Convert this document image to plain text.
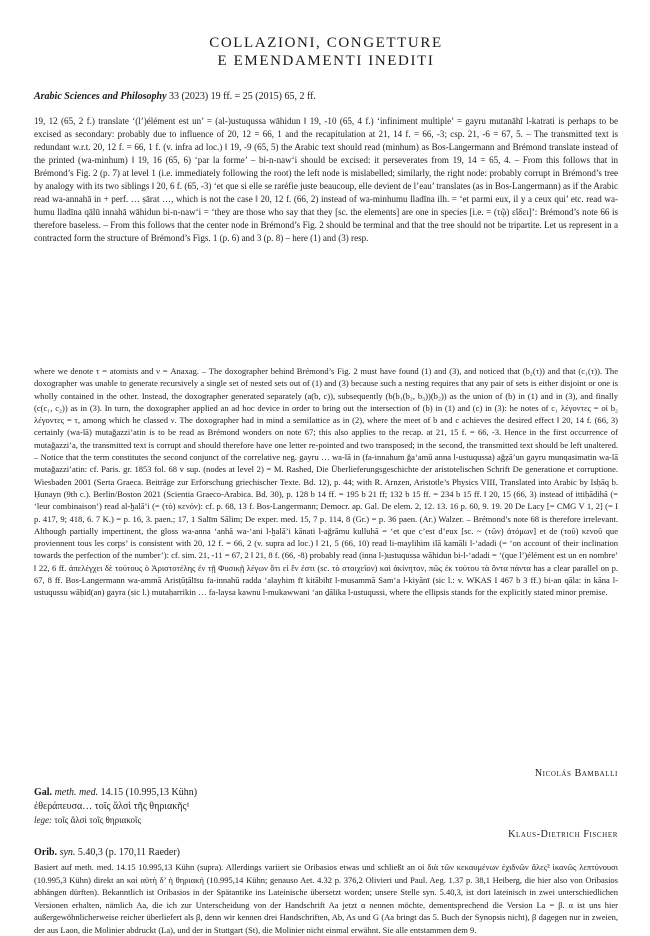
COLLAZIONI, CONGETTURE
E EMENDAMENTI INEDITI
Arabic Sciences and Philosophy 33 (2023) 19 ff. = 25 (2015) 65, 2 ff.
19, 12 (65, 2 f.) translate ‘(l’)élément est un’ = (al-)ustuqussa wāhidun ‖ 19, -10 (65, 4 f.) ‘infiniment multiple’ = gayru mutanāhī l-katrati is perhaps to be excised as secondary: probably due to influence of 20, 12 = 66, 1 and the recapitulation at 21, 14 f. = 66, -3; csp. 21, -6 = 67, 5. – The transmitted text is redundant w.r.t. 20, 12 f. = 66, 1 f. (v. infra ad loc.) ‖ 19, -9 (65, 5) the Arabic text should read (minhum) as Bos-Langermann and Brémond translate instead of the printed (wa-minhum) ‖ 19, 16 (65, 6) ‘par la forme’ – bi-n-naw‘i should be excised: it perseverates from 19, 14 = 65, 4. – From this follows that in Brémond’s Fig. 2 (p. 7) at level 1 (i.e. immediately following the root) the left node is mislabelled; similarly, the right node: probably corrupt in Brémond’s tree by analogy with its two siblings ‖ 20, 6 f. (65, -3) ‘et que si elle se raréfie juste beaucoup, elle devient de l’eau’ translates (as in Bos-Langermann) as if the Arabic read wa-annahā in + perf. … ṣārat …, which is not the case ‖ 20, 12 f. (66, 2) instead of wa-minhumu lladīna ilh. = ‘et parmi eux, il y a ceux qui’ etc. read wa-humu lladīna qālū innahā wāhidun bi-n-naw‘i = ‘they are those who say that they [sc. the elements] are one in species [i.e. = (τῷ) εἴδει]’: Brémond’s note 66 is therefore baseless. – From this follows that the center node in Brémond’s Fig. 2 should be terminal and that the tree should not be tripartite. Let us represent in a contracted form the structure of Brémond’s Figs. 1 (p. 6) and 3 (p. 8) – here (1) and (3) resp.
where we denote τ = atomists and ν = Anaxag. – The doxographer behind Brémond’s Fig. 2 must have found (1) and (3), and noticed that (b₂(τ)) and that (c₁(τ)). The doxographer was unable to generate recursively a single set of nested sets out of (1) and (3) because such a nesting requires that any pair of sets is either disjoint or one is wholly contained in the other. Instead, the doxographer generated separately (a(b, c)), subsequently (b(b₁(b₂, b₃))(b₂)) as the union of (b) in (1) and in (3), and finally (c(c₁, c₂)) as in (3). In turn, the doxographer applied an ad hoc device in order to bring out the intersection of (b) in (1) and (c) in (3): he notes of c₁ λέγοντες = οἱ b₂ λέγοντες = τ, among which he classed ν. The doxographer had in mind a semilattice as in (2), where the meet of b and c achieves the desired effect ‖ 20, 14 f. (66, 3) certainly (wa-lā) mutağazzi’atin is to be read as Brémond wonders on note 67; this also applies to the recap. at 21, 15 f. = 66, -3. Hence in the first occurrence of mutağazzi’a, the transmitted text is corrupt and should therefore have one letter re-pointed and two transposed; in the second, the transmitted text should be left unaltered. – Notice that the term constitutes the second conjunct of the correlative neg. gayru … wa-lā in (fa-innahum ğa‘amū anna l-ustuqussa) ağẓā’un gayru munqasimatin wa-lā mutağazzi’atin: cf. Paris. gr. 1853 fol. 68 v sup. (nodes at level 2) = M. Rashed, Die Überlieferungsgeschichte der aristotelischen Schrift De generatione et corruptione. Wiesbaden 2001 (Serta Graeca. Beiträge zur Erforschung griechischer Texte. Bd. 12), p. 44; with R. Arnzen, Aristotle’s Physics VIII, Translated into Arabic by Isḥāq b. Ḥunayn (9th c.). Berlin/Boston 2021 (Scientia Graeco-Arabica. Bd. 30), p. 128 b 14 ff. = 195 b 21 ff; 132 b 15 ff. = 234 b 15 ff. ‖ 20, 15 (66, 3) instead of ittiḥādihā (= ‘leur combinaison’) read al-ḫalā’i (= (τὸ) κενόν): cf. p. 68, 13 f. Bos-Langermann; Democr. ap. Gal. De elem. 2, 12. 13. 16 p. 60, 9. 19. 20 De Lacy [= CMG V 1, 2] (= I p. 417, 9; 418, 6. 7 K.) = p. 16, 3. paen.; 17, 1 Salīm Sālim; De exper. med. 15, 7 p. 114, 8 (Gr.) = p. 36 paen. (Ar.) Walzer. – Brémond’s note 68 is therefore irrelevant. Although partially impertinent, the gloss wa-anna ‘anhā wa-‘ani l-ḫalā’i kānati l-ağrāmu kulluhā = ‘et que c’est d’eux [sc. ~ (τῶν) ἀτόμων] et de (τοῦ) κενοῦ que proviennent tous les corps’ is consistent with 20, 12 f. = 66, 2 (v. supra ad loc.) ‖ 21, 5 (66, 10) read li-maylihim ilā kamāli l-‘adadi (= ‘on account of their inclination towards the perfection of the number’): cf. sim. 21, -11 = 67, 2 ‖ 21, 8 f. (66, -8) probably read (inna l-)ustuqussa wāhidun bi-l-‘adadi = ‘(que l’)élément est un en nombre’ ‖ 22, 6 ff. ἀπελέγχει δὲ τούτους ὁ Ἀριστοτέλης ἐν τῇ Φυσικῇ λέγων ὅτι εἰ ἓν ἐστι (sc. τὸ στοιχεῖον) καὶ ἀκίνητον, πῶς ἐκ τούτου τὰ ὄντα πάντα has a clear parallel on p. 67, 8 ff. Bos-Langermann wa-ammā Arisṭūṭālīsu fa-innahū radda ‘alayhim fī kitābihī l-musammā Sam‘a l-kiyānī (sic l.: v. WKAS I 467 b 3 ff.) bi-an qāla: in kāna l-ustuqussu wāḥid(an) gayra (sic l.) mutaḥarrikin … fa-laysa kawnu l-mukawwani ‘an ḏālika l-ustuqussi, where the ellipsis stands for the explicitly stated minor premise.
Nicolás Bamballi
Gal. meth. med. 14.15 (10.995,13 Kühn)
ἐθεράπευσα… τοῖς ἄλσὶ τῆς θηριακῆς¹
lege: τοῖς ἄλσὶ τοῖς θηριακοῖς
Klaus-Dietrich Fischer
Orib. syn. 5.40,3 (p. 170,11 Raeder)
Basiert auf meth. med. 14.15 10.995,13 Kühn (supra). Allerdings variiert sie Oribasios etwas und schließt an οἱ διὰ τῶν κεκαυμένων ἐχιδνῶν ἅλες² ἱκανῶς λεπτύνουσι (10.995,3 Kühn) direkt an καὶ αὐτὴ δ’ ἡ θηριακή (10.995,14 Kühn; genauso Aet. 4.32 p. 376,2 Olivieri und Paul. Aeg. 1.37 p. 38,1 Heiberg, die hier also von Oribasios abhängen dürften). Bekanntlich ist Oribasios in der Spätantike ins Lateinische übersetzt worden; unsere Stelle syn. 5.40,3, ist dort lateinisch in zwei unterschiedlichen Versionen erhalten, nämlich Aa, die ich zur Unterscheidung von der Handschrift Aa jetzt α nennen möchte, dementsprechend die Version La = β. α ist uns hier außergewöhnlicherweise reicher überliefert als β, denn wir kennen drei Handschriften, Ab, As und G (Aa bringt das 5. Buch der Synopsis nicht), β dagegen nur in zweien, der aus Laon, die Molinier abdruckt (La), und der in Stuttgart (St), die Molinier nicht einmal erwähnt. Sie alle entstammen dem 9.
